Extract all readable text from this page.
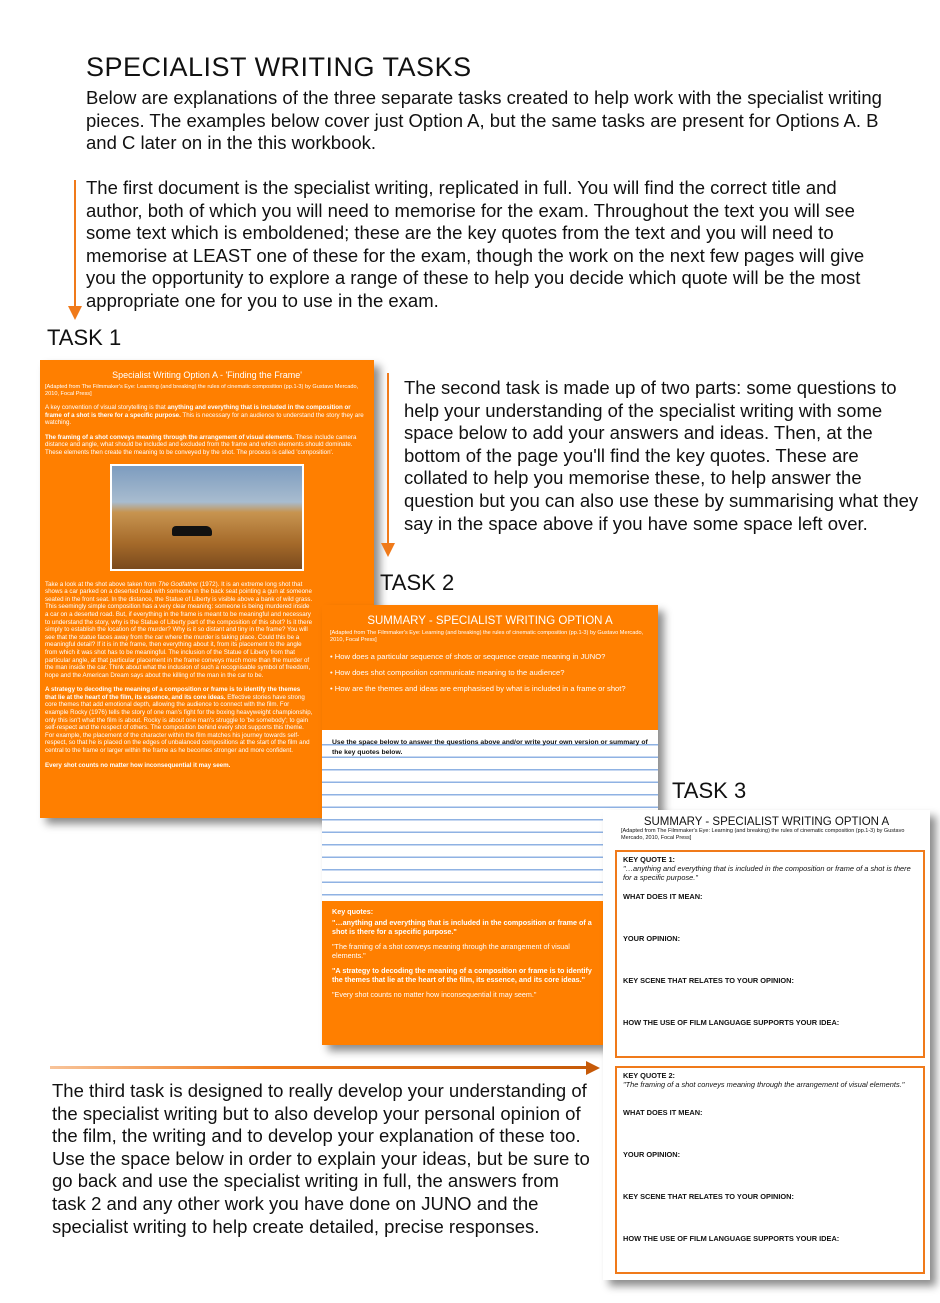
SPECIALIST WRITING TASKS
Below are explanations of the three separate tasks created to help work with the specialist writing pieces. The examples below cover just Option A, but the same tasks are present for Options A. B and C later on in the this workbook.
The first document is the specialist writing, replicated in full. You will find the correct title and author, both of which you will need to memorise for the exam. Throughout the text you will see some text which is emboldened; these are the key quotes from the text and you will need to memorise at LEAST one of these for the exam, though the work on the next few pages will give you the opportunity to explore a range of these to help you decide which quote will be the most appropriate one for you to use in the exam.
TASK 1
Specialist Writing Option A - 'Finding the Frame'
[Adapted from The Filmmaker's Eye: Learning (and breaking) the rules of cinematic composition (pp.1-3) by Gustavo Mercado, 2010, Focal Press]

A key convention of visual storytelling is that anything and everything that is included in the composition or frame of a shot is there for a specific purpose. This is necessary for an audience to understand the story they are watching.

The framing of a shot conveys meaning through the arrangement of visual elements. These include camera distance and angle, what should be included and excluded from the frame and which elements should dominate. These elements then create the meaning to be conveyed by the shot. The process is called 'composition'.

Take a look at the shot above taken from The Godfather (1972). It is an extreme long shot that shows a car parked on a deserted road with someone in the back seat pointing a gun at someone seated in the front seat. In the distance, the Statue of Liberty is visible above a bank of wild grass. This seemingly simple composition has a very clear meaning: someone is being murdered inside a car on a deserted road. But, if everything in the frame is meant to be meaningful and necessary to understand the story, why is the Statue of Liberty part of the composition of this shot? Is it there simply to establish the location of the murder? Why is it so distant and tiny in the frame? You will see that the statue faces away from the car where the murder is taking place. Could this be a meaningful detail? If it is in the frame, then everything about it, from its placement to the angle from which it was shot has to be meaningful. The inclusion of the Statue of Liberty from that particular angle, at that particular placement in the frame conveys much more than the murder of the man inside the car. Think about what the inclusion of such a recognisable symbol of freedom, hope and the American Dream says about the killing of the man in the car to be.

A strategy to decoding the meaning of a composition or frame is to identify the themes that lie at the heart of the film, its essence, and its core ideas. Effective stories have strong core themes that add emotional depth, allowing the audience to connect with the film. For example Rocky (1976) tells the story of one man's fight for the boxing heavyweight championship, only this isn't what the film is about. Rocky is about one man's struggle to 'be somebody'; to gain self-respect and the respect of others. The composition behind every shot supports this theme. For example, the placement of the character within the film matches his journey towards self-respect, so that he is placed on the edges of unbalanced compositions at the start of the film and central to the frame or larger within the frame as he becomes stronger and more confident.

Every shot counts no matter how inconsequential it may seem.

The second task is made up of two parts: some questions to help your understanding of the specialist writing with some space below to add your answers and ideas. Then, at the bottom of the page you'll find the key quotes. These are collated to help you memorise these, to help answer the question but you can also use these by summarising what they say in the space above if you have some space left over.
TASK 2
SUMMARY - SPECIALIST WRITING OPTION A
[Adapted from The Filmmaker's Eye: Learning (and breaking) the rules of cinematic composition (pp.1-3) by Gustavo Mercado, 2010, Focal Press]
• How does a particular sequence of shots or sequence create meaning in JUNO?
• How does shot composition communicate meaning to the audience?
• How are the themes and ideas are emphasised by what is included in a frame or shot?
Use the space below to answer the questions above and/or write your own version or summary of the key quotes below.
Key quotes:

"…anything and everything that is included in the composition or frame of a shot is there for a specific purpose."

"The framing of a shot conveys meaning through the arrangement of visual elements."

"A strategy to decoding the meaning of a composition or frame is to identify the themes that lie at the heart of the film, its essence, and its core ideas."

"Every shot counts no matter how inconsequential it may seem."

TASK 3
SUMMARY - SPECIALIST WRITING OPTION A
[Adapted from The Filmmaker's Eye: Learning (and breaking) the rules of cinematic composition (pp.1-3) by Gustavo Mercado, 2010, Focal Press]
KEY QUOTE 1:
"…anything and everything that is included in the composition or frame of a shot is there for a specific purpose."
WHAT DOES IT MEAN:
YOUR OPINION:
KEY SCENE THAT RELATES TO YOUR OPINION:
HOW THE USE OF FILM LANGUAGE SUPPORTS YOUR IDEA:
KEY QUOTE 2:
"The framing of a shot conveys meaning through the arrangement of visual elements."
WHAT DOES IT MEAN:
YOUR OPINION:
KEY SCENE THAT RELATES TO YOUR OPINION:
HOW THE USE OF FILM LANGUAGE SUPPORTS YOUR IDEA:
The third task is designed to really develop your understanding of the specialist writing but to also develop your personal opinion of the film, the writing and to develop your explanation of these too. Use the space below in order to explain your ideas, but be sure to go back and use the specialist writing in full, the answers from task 2 and any other work you have done on JUNO and the specialist writing to help create detailed, precise responses.
